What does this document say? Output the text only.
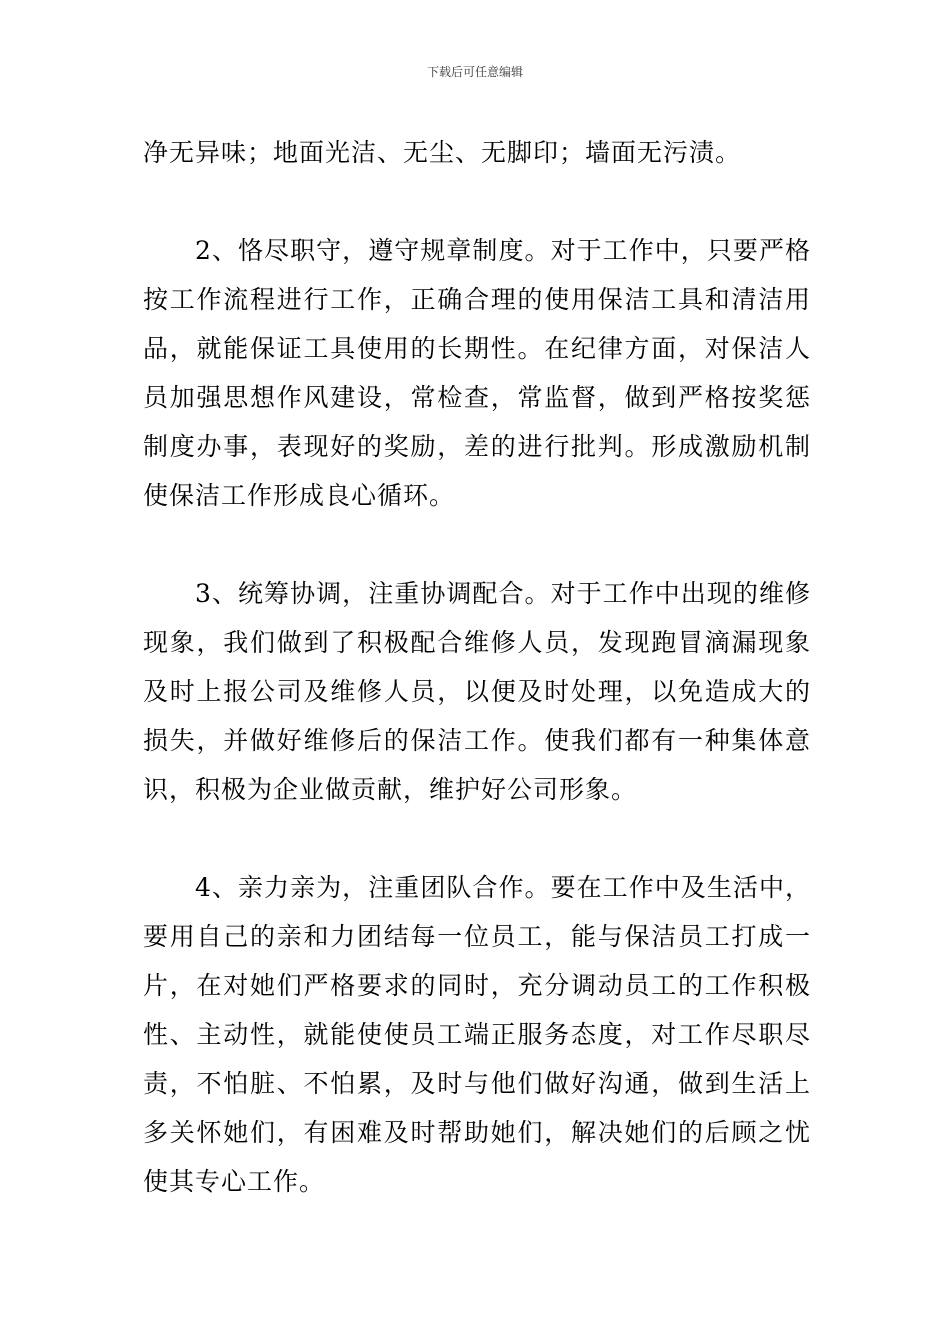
下载后可任意编辑

净无异味；地面光洁、无尘、无脚印；墙面无污渍。

2、恪尽职守，遵守规章制度。对于工作中，只要严格按工作流程进行工作，正确合理的使用保洁工具和清洁用品，就能保证工具使用的长期性。在纪律方面，对保洁人员加强思想作风建设，常检查，常监督，做到严格按奖惩制度办事，表现好的奖励，差的进行批判。形成激励机制使保洁工作形成良心循环。

3、统筹协调，注重协调配合。对于工作中出现的维修现象，我们做到了积极配合维修人员，发现跑冒滴漏现象及时上报公司及维修人员，以便及时处理，以免造成大的损失，并做好维修后的保洁工作。使我们都有一种集体意识，积极为企业做贡献，维护好公司形象。

4、亲力亲为，注重团队合作。要在工作中及生活中，要用自己的亲和力团结每一位员工，能与保洁员工打成一片，在对她们严格要求的同时，充分调动员工的工作积极性、主动性，就能使使员工端正服务态度，对工作尽职尽责，不怕脏、不怕累，及时与他们做好沟通，做到生活上多关怀她们，有困难及时帮助她们，解决她们的后顾之忧使其专心工作。
